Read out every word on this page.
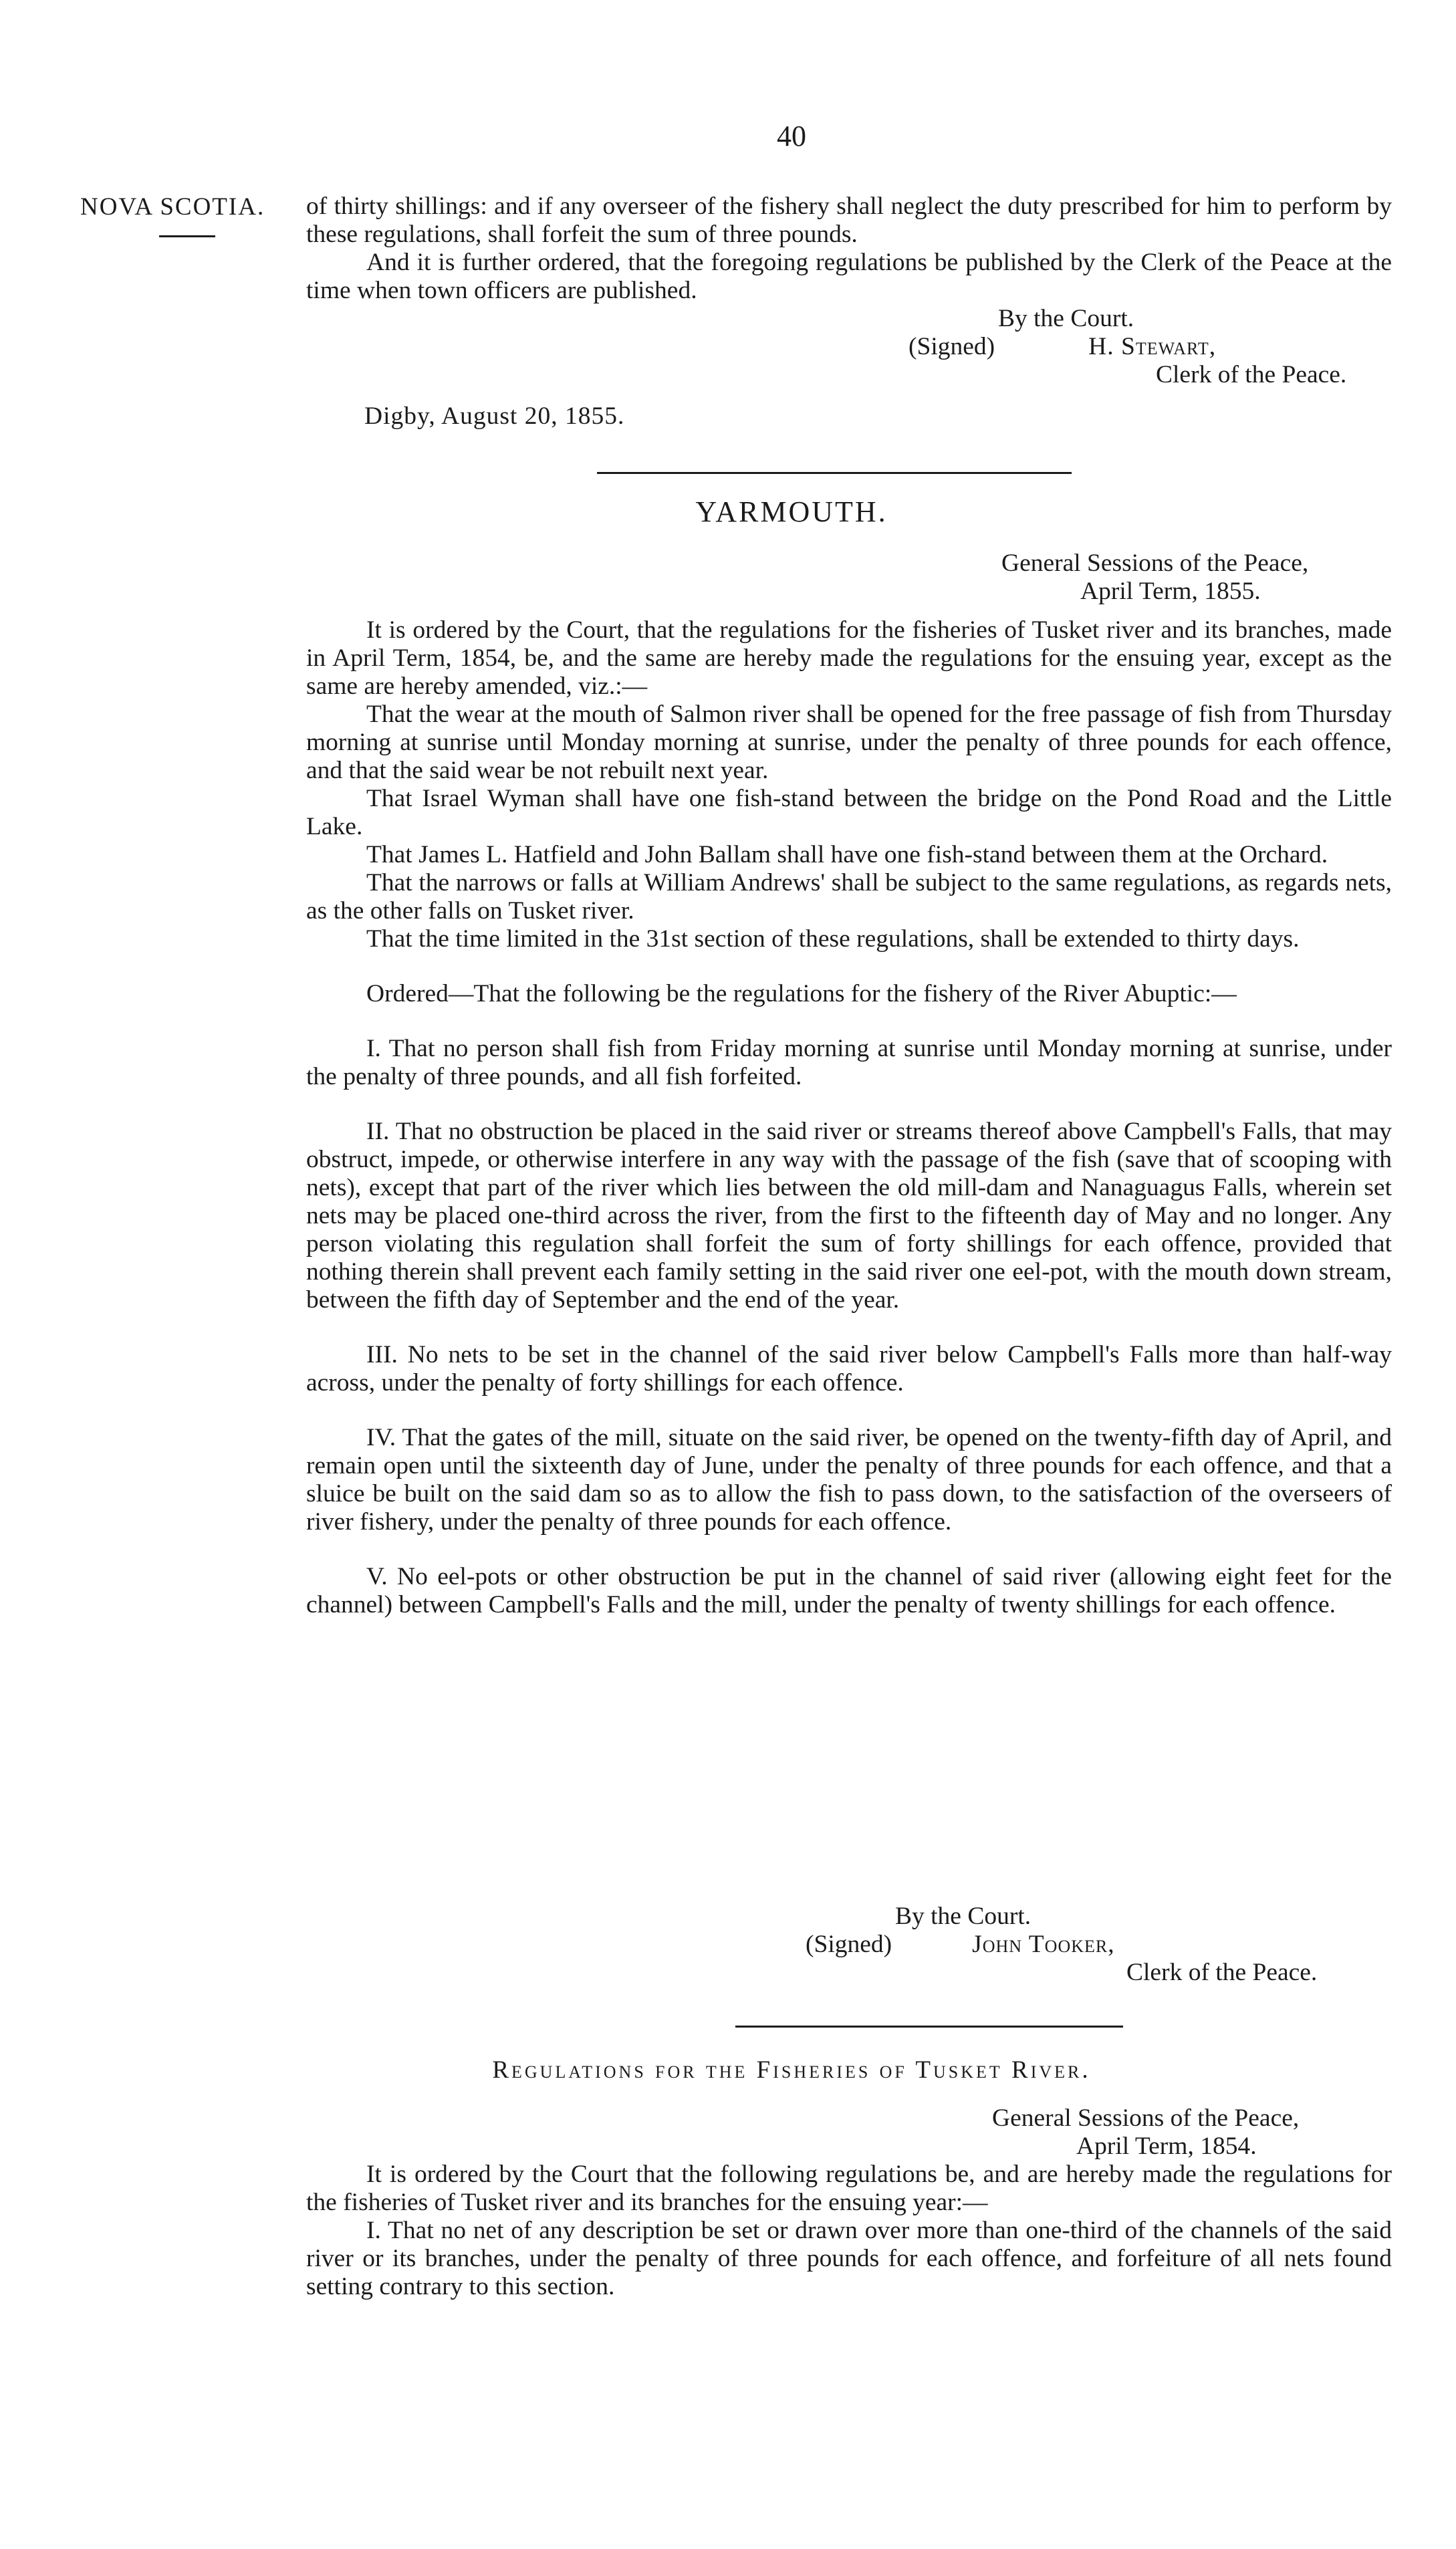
40
NOVA SCOTIA. of thirty shillings: and if any overseer of the fishery shall neglect the duty prescribed for him to perform by these regulations, shall forfeit the sum of three pounds.

And it is further ordered, that the foregoing regulations be published by the Clerk of the Peace at the time when town officers are published.

By the Court.
(Signed)	H. Stewart,
Clerk of the Peace.
Digby, August 20, 1855.
YARMOUTH.
General Sessions of the Peace,
April Term, 1855.

It is ordered by the Court, that the regulations for the fisheries of Tusket river and its branches, made in April Term, 1854, be, and the same are hereby made the regulations for the ensuing year, except as the same are hereby amended, viz.:—

That the wear at the mouth of Salmon river shall be opened for the free passage of fish from Thursday morning at sunrise until Monday morning at sunrise, under the penalty of three pounds for each offence, and that the said wear be not rebuilt next year.

That Israel Wyman shall have one fish-stand between the bridge on the Pond Road and the Little Lake.

That James L. Hatfield and John Ballam shall have one fish-stand between them at the Orchard.

That the narrows or falls at William Andrews' shall be subject to the same regulations, as regards nets, as the other falls on Tusket river.

That the time limited in the 31st section of these regulations, shall be extended to thirty days.

Ordered—That the following be the regulations for the fishery of the River Abuptic:—

I. That no person shall fish from Friday morning at sunrise until Monday morning at sunrise, under the penalty of three pounds, and all fish forfeited.

II. That no obstruction be placed in the said river or streams thereof above Campbell's Falls, that may obstruct, impede, or otherwise interfere in any way with the passage of the fish (save that of scooping with nets), except that part of the river which lies between the old mill-dam and Nanaguagus Falls, wherein set nets may be placed one-third across the river, from the first to the fifteenth day of May and no longer. Any person violating this regulation shall forfeit the sum of forty shillings for each offence, provided that nothing therein shall prevent each family setting in the said river one eel-pot, with the mouth down stream, between the fifth day of September and the end of the year.

III. No nets to be set in the channel of the said river below Campbell's Falls more than half-way across, under the penalty of forty shillings for each offence.

IV. That the gates of the mill, situate on the said river, be opened on the twenty-fifth day of April, and remain open until the sixteenth day of June, under the penalty of three pounds for each offence, and that a sluice be built on the said dam so as to allow the fish to pass down, to the satisfaction of the overseers of river fishery, under the penalty of three pounds for each offence.

V. No eel-pots or other obstruction be put in the channel of said river (allowing eight feet for the channel) between Campbell's Falls and the mill, under the penalty of twenty shillings for each offence.

By the Court.
(Signed)	John Tooker,
Clerk of the Peace.
Regulations for the Fisheries of Tusket River.
General Sessions of the Peace,
April Term, 1854.

It is ordered by the Court that the following regulations be, and are hereby made the regulations for the fisheries of Tusket river and its branches for the ensuing year:—

I. That no net of any description be set or drawn over more than one-third of the channels of the said river or its branches, under the penalty of three pounds for each offence, and forfeiture of all nets found setting contrary to this section.
